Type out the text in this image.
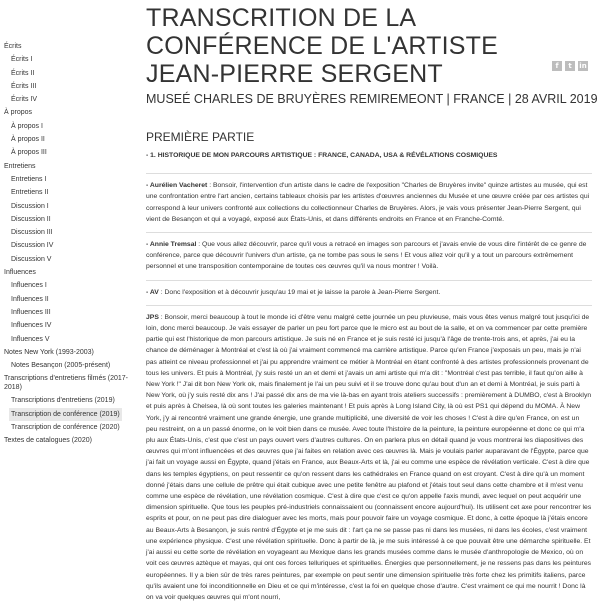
Écrits
Écrits I
Écrits II
Écrits III
Écrits IV
À propos
À propos I
À propos II
À propos III
Entretiens
Entretiens I
Entretiens II
Discussion I
Discussion II
Discussion III
Discussion IV
Discussion V
Influences
Influences I
Influences II
Influences III
Influences IV
Influences V
Notes New York (1993-2003)
Notes Besançon (2005-présent)
Transcriptions d'entretiens filmés (2017-2018)
Transcriptions d'entretiens (2019)
Transcription de conférence (2019)
Transcription de conférence (2020)
Textes de catalogues (2020)
TRANSCRITION DE LA CONFÉRENCE DE L'ARTISTE JEAN-PIERRE SERGENT	f	t	in
MUSEÉ CHARLES DE BRUYÈRES REMIREMEONT | FRANCE | 28 AVRIL 2019
PREMIÈRE PARTIE

- 1. HISTORIQUE DE MON PARCOURS ARTISTIQUE : FRANCE, CANADA, USA & RÉVÉLATIONS COSMIQUES

- Aurélien Vacheret : Bonsoir, l'intervention d'un artiste dans le cadre de l'exposition "Charles de Bruyères invite" quinze artistes au musée, qui est une confrontation entre l'art ancien, certains tableaux choisis par les artistes d'œuvres anciennes du Musée et une œuvre créée par ces artistes qui correspond à leur univers confronté aux collections du collectionneur Charles de Bruyères. Alors, je vais vous présenter Jean-Pierre Sergent, qui vient de Besançon et qui a voyagé, exposé aux États-Unis, et dans différents endroits en France et en Franche-Comté.

- Annie Tremsal : Que vous allez découvrir, parce qu'il vous a retracé en images son parcours et j'avais envie de vous dire l'intérêt de ce genre de conférence, parce que découvrir l'univers d'un artiste, ça ne tombe pas sous le sens ! Et vous allez voir qu'il y a tout un parcours extrêmement personnel et une transposition contemporaine de toutes ces œuvres qu'il va nous montrer ! Voilà.

- AV : Donc l'exposition et à découvrir jusqu'au 19 mai et je laisse la parole à Jean-Pierre Sergent.

JPS : Bonsoir, merci beaucoup à tout le monde ici d'être venu malgré cette journée un peu pluvieuse, mais vous êtes venus malgré tout jusqu'ici de loin, donc merci beaucoup. Je vais essayer de parler un peu fort parce que le micro est au bout de la salle, et on va commencer par cette première partie qui est l'historique de mon parcours artistique. Je suis né en France et je suis resté ici jusqu'à l'âge de trente-trois ans, et après, j'ai eu la chance de déménager à Montréal et c'est là où j'ai vraiment commencé ma carrière artistique. Parce qu'en France j'exposais un peu, mais je n'ai pas atteint ce niveau professionnel et j'ai pu apprendre vraiment ce métier à Montréal en étant confronté à des artistes professionnels provenant de tous les univers. Et puis à Montréal, j'y suis resté un an et demi et j'avais un ami artiste qui m'a dit : "Montréal c'est pas terrible, il faut qu'on aille à New York !" J'ai dit bon New York ok, mais finalement je l'ai un peu suivi et il se trouve donc qu'au bout d'un an et demi à Montréal, je suis parti à New York, où j'y suis resté dix ans ! J'ai passé dix ans de ma vie là-bas en ayant trois ateliers successifs : premièrement à DUMBO, c'est à Brooklyn et puis après à Chelsea, là où sont toutes les galeries maintenant ! Et puis après à Long Island City, là où est PS1 qui dépend du MOMA. À New York, j'y ai rencontré vraiment une grande énergie, une grande multiplicité, une diversité de voir les choses ! C'est à dire qu'en France, on est un peu restreint, on a un passé énorme, on le voit bien dans ce musée. Avec toute l'histoire de la peinture, la peinture européenne et donc ce qui m'a plu aux États-Unis, c'est que c'est un pays ouvert vers d'autres cultures. On en parlera plus en détail quand je vous montrerai les diapositives des œuvres qui m'ont influencées et des œuvres que j'ai faites en relation avec ces œuvres là. Mais je voulais parler auparavant de l'Égypte, parce que j'ai fait un voyage aussi en Égypte, quand j'étais en France, aux Beaux-Arts et là, j'ai eu comme une espèce de révélation verticale. C'est à dire que dans les temples égyptiens, on peut ressentir ce qu'on ressent dans les cathédrales en France quand on est croyant. C'est à dire qu'à un moment donné j'étais dans une cellule de prêtre qui était cubique avec une petite fenêtre au plafond et j'étais tout seul dans cette chambre et il m'est venu comme une espèce de révélation, une révélation cosmique. C'est à dire que c'est ce qu'on appelle l'axis mundi, avec lequel on peut acquérir une dimension spirituelle. Que tous les peuples pré-industriels connaissaient ou (connaissent encore aujourd'hui). Ils utilisent cet axe pour rencontrer les esprits et pour, on ne peut pas dire dialoguer avec les morts, mais pour pouvoir faire un voyage cosmique. Et donc, à cette époque là j'étais encore au Beaux-Arts à Besançon, je suis rentré d'Égypte et je me suis dit : l'art ça ne se passe pas ni dans les musées, ni dans les écoles, c'est vraiment une expérience physique. C'est une révélation spirituelle. Donc à partir de là, je me suis intéressé à ce que pouvait être une démarche spirituelle. Et j'ai aussi eu cette sorte de révélation en voyageant au Mexique dans les grands musées comme dans le musée d'anthropologie de Mexico, où on voit ces œuvres aztèque et mayas, qui ont ces forces telluriques et spirituelles. Énergies que personnellement, je ne ressens pas dans les peintures européennes. Il y a bien sûr de très rares peintures, par exemple on peut sentir une dimension spirituelle très forte chez les primitifs italiens, parce qu'ils avaient une foi inconditionnelle en Dieu et ce qui m'intéresse, c'est la foi en quelque chose d'autre. C'est vraiment ce qui me nourrit ! Donc là on va voir quelques œuvres qui m'ont nourri,
